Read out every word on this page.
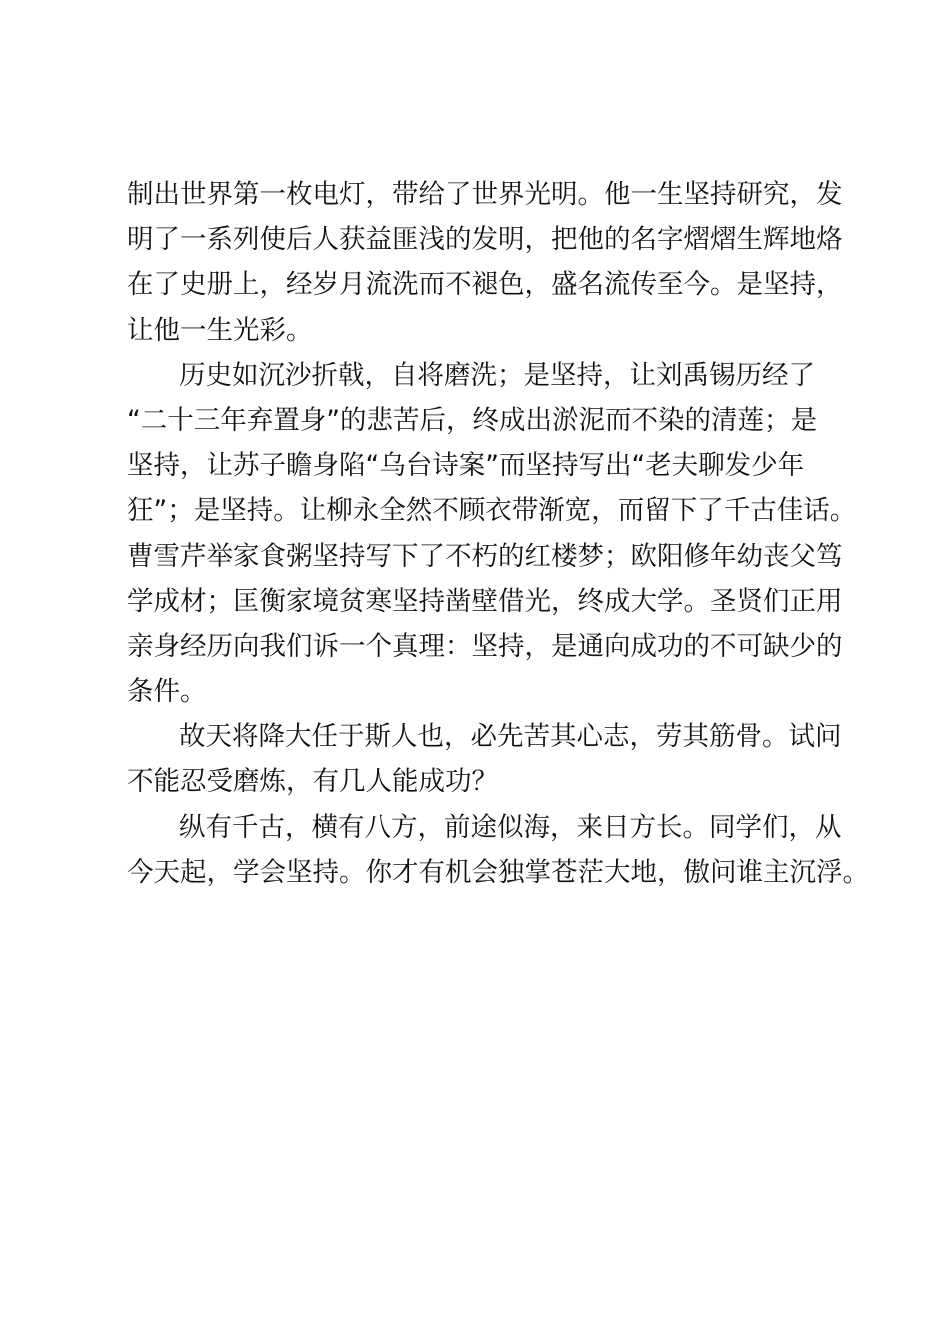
制出世界第一枚电灯，带给了世界光明。他一生坚持研究，发
明了一系列使后人获益匪浅的发明，把他的名字熠熠生辉地烙
在了史册上，经岁月流洗而不褪色，盛名流传至今。是坚持，
让他一生光彩。
历史如沉沙折戟，自将磨洗；是坚持，让刘禹锡历经了
“二十三年弃置身”的悲苦后，终成出淤泥而不染的清莲；是
坚持，让苏子瞻身陷“乌台诗案”而坚持写出“老夫聊发少年
狂”；是坚持。让柳永全然不顾衣带渐宽，而留下了千古佳话。
曹雪芹举家食粥坚持写下了不朽的红楼梦；欧阳修年幼丧父笃
学成材；匡衡家境贫寒坚持凿壁借光，终成大学。圣贤们正用
亲身经历向我们诉一个真理：坚持，是通向成功的不可缺少的
条件。
故天将降大任于斯人也，必先苦其心志，劳其筋骨。试问
不能忍受磨炼，有几人能成功？
纵有千古，横有八方，前途似海，来日方长。同学们，从
今天起，学会坚持。你才有机会独掌苍茫大地，傲问谁主沉浮。
